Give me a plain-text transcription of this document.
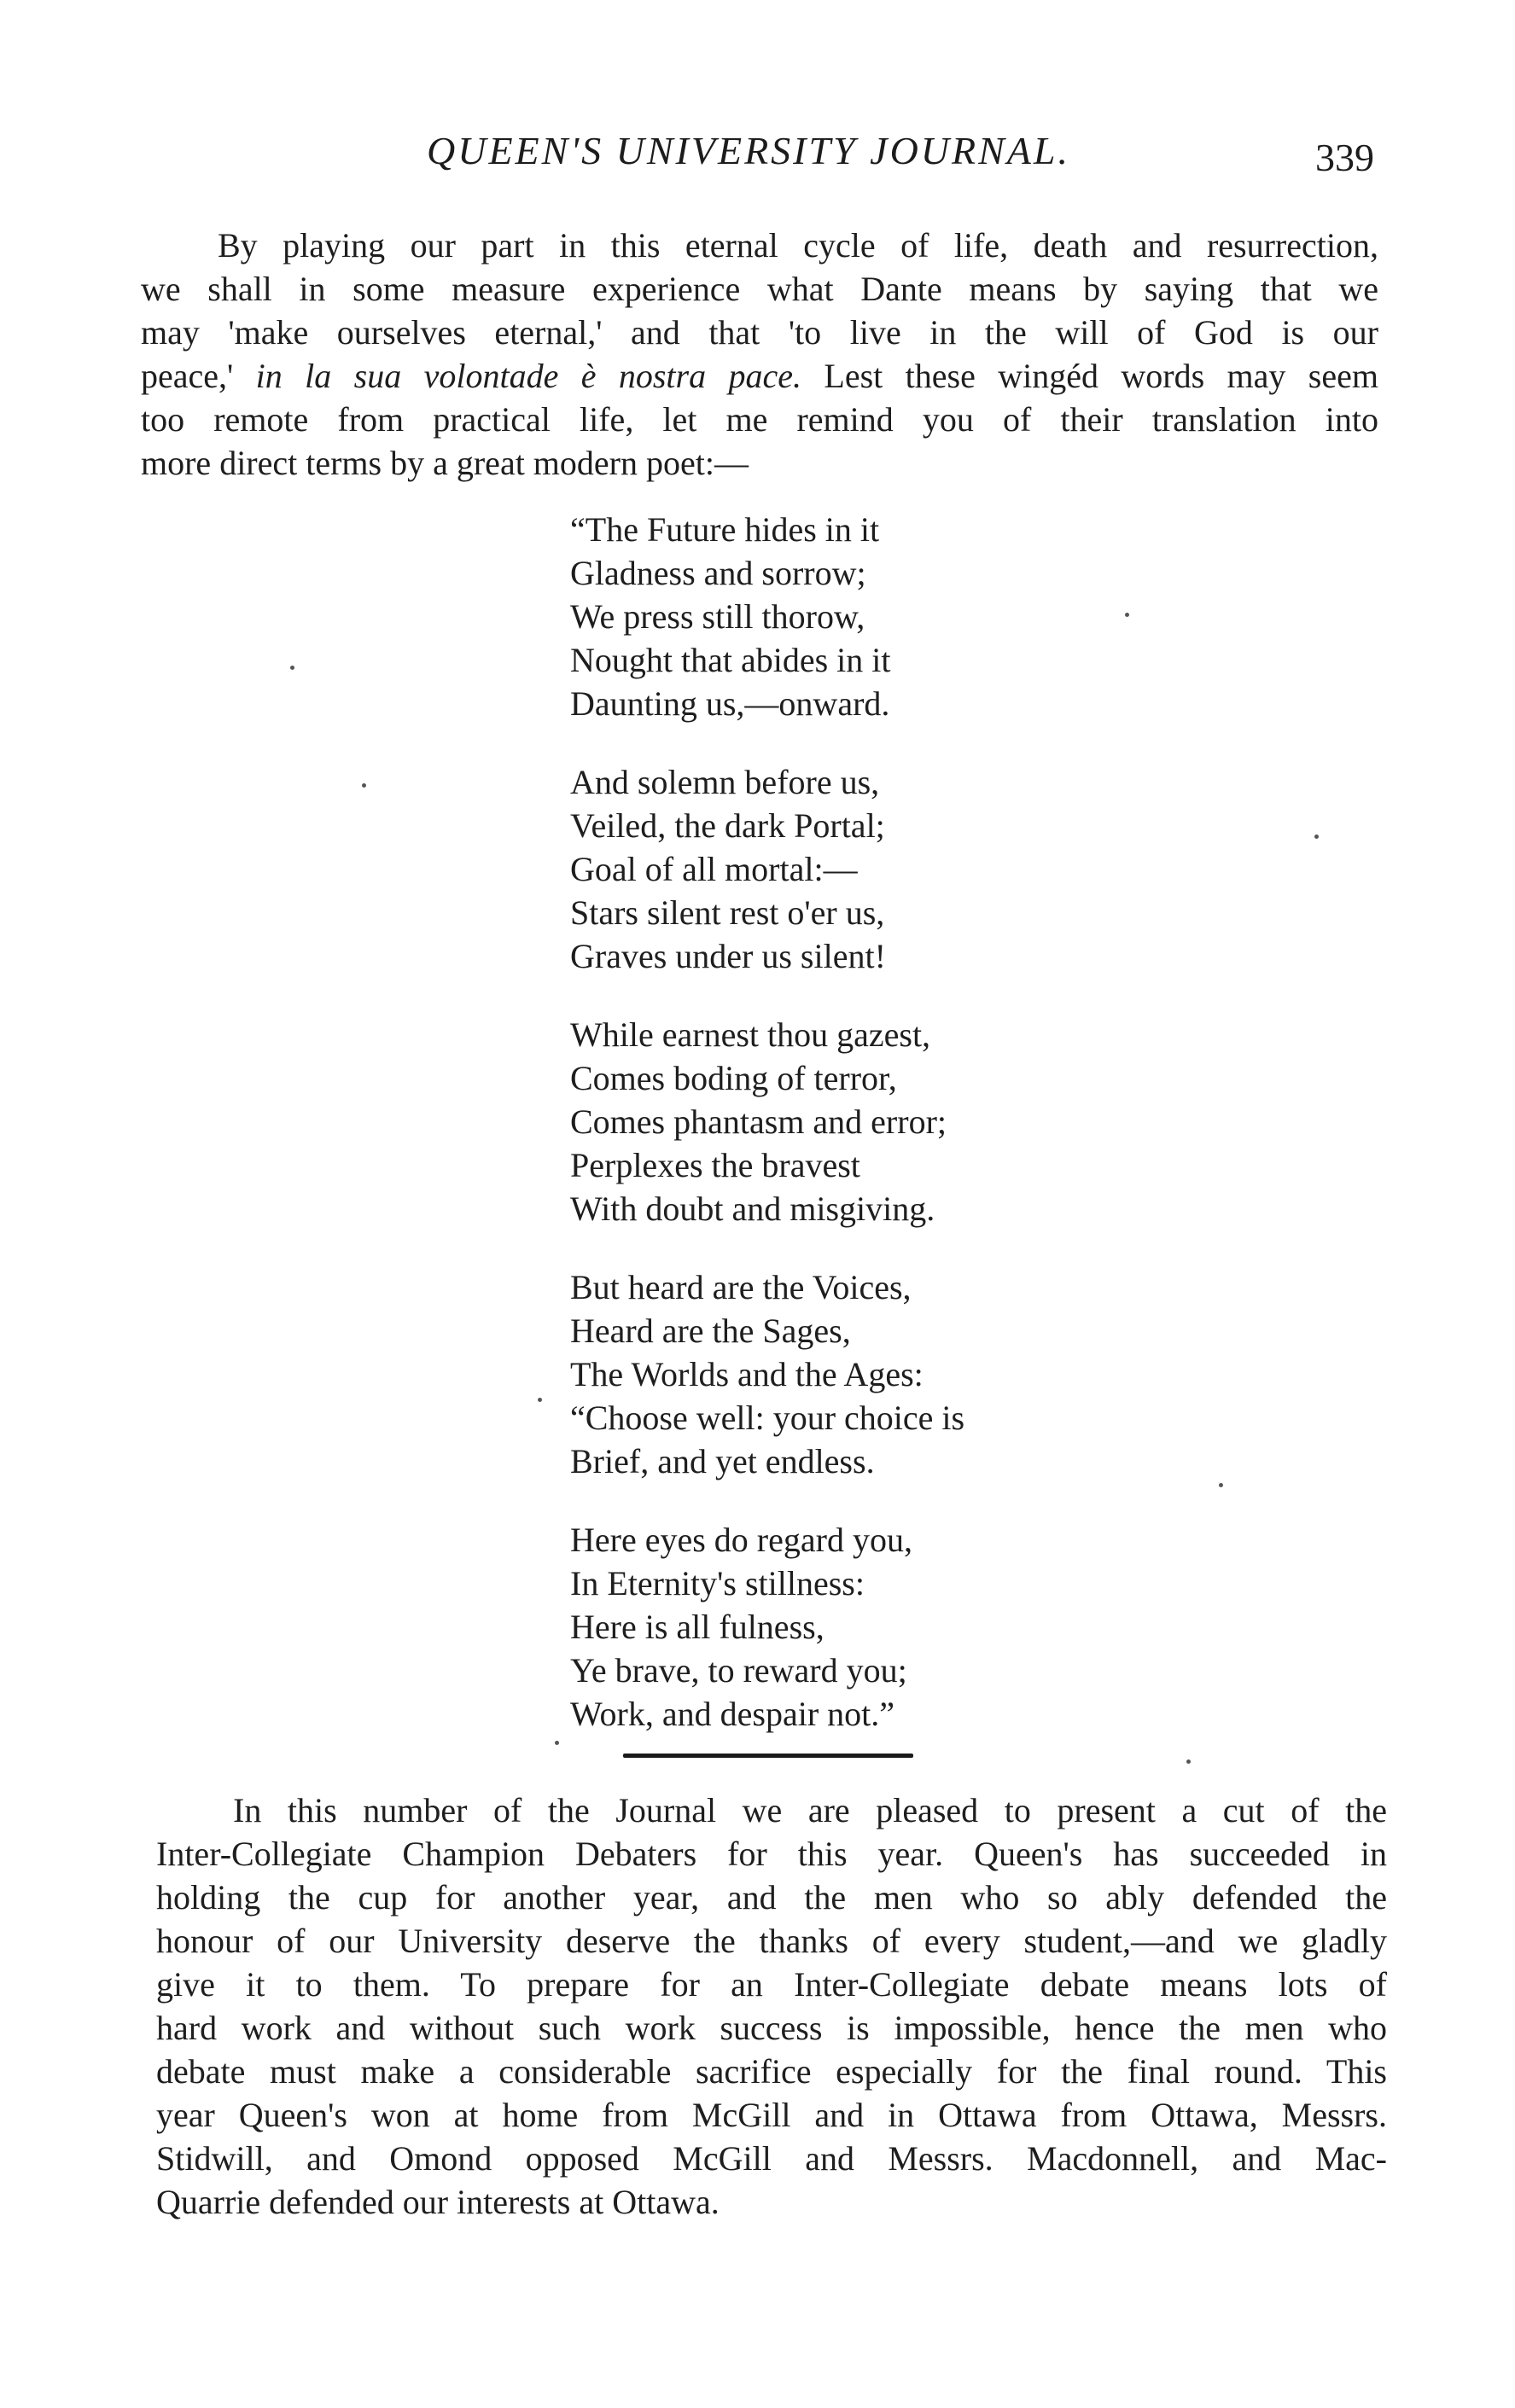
QUEEN'S UNIVERSITY JOURNAL.	339
By playing our part in this eternal cycle of life, death and resurrection,
we shall in some measure experience what Dante means by saying that we
may 'make ourselves eternal,' and that 'to live in the will of God is our
peace,' in la sua volontade è nostra pace. Lest these wingéd words may seem
too remote from practical life, let me remind you of their translation into
more direct terms by a great modern poet:—
“The Future hides in it
Gladness and sorrow;
We press still thorow,
Nought that abides in it
Daunting us,—onward.
And solemn before us,
Veiled, the dark Portal;
Goal of all mortal:—
Stars silent rest o'er us,
Graves under us silent!
While earnest thou gazest,
Comes boding of terror,
Comes phantasm and error;
Perplexes the bravest
With doubt and misgiving.
But heard are the Voices,
Heard are the Sages,
The Worlds and the Ages:
“Choose well: your choice is
Brief, and yet endless.
Here eyes do regard you,
In Eternity's stillness:
Here is all fulness,
Ye brave, to reward you;
Work, and despair not.”
In this number of the Journal we are pleased to present a cut of the
Inter-Collegiate Champion Debaters for this year. Queen's has succeeded in
holding the cup for another year, and the men who so ably defended the
honour of our University deserve the thanks of every student,—and we gladly
give it to them. To prepare for an Inter-Collegiate debate means lots of
hard work and without such work success is impossible, hence the men who
debate must make a considerable sacrifice especially for the final round. This
year Queen's won at home from McGill and in Ottawa from Ottawa, Messrs.
Stidwill, and Omond opposed McGill and Messrs. Macdonnell, and Mac-
Quarrie defended our interests at Ottawa.
